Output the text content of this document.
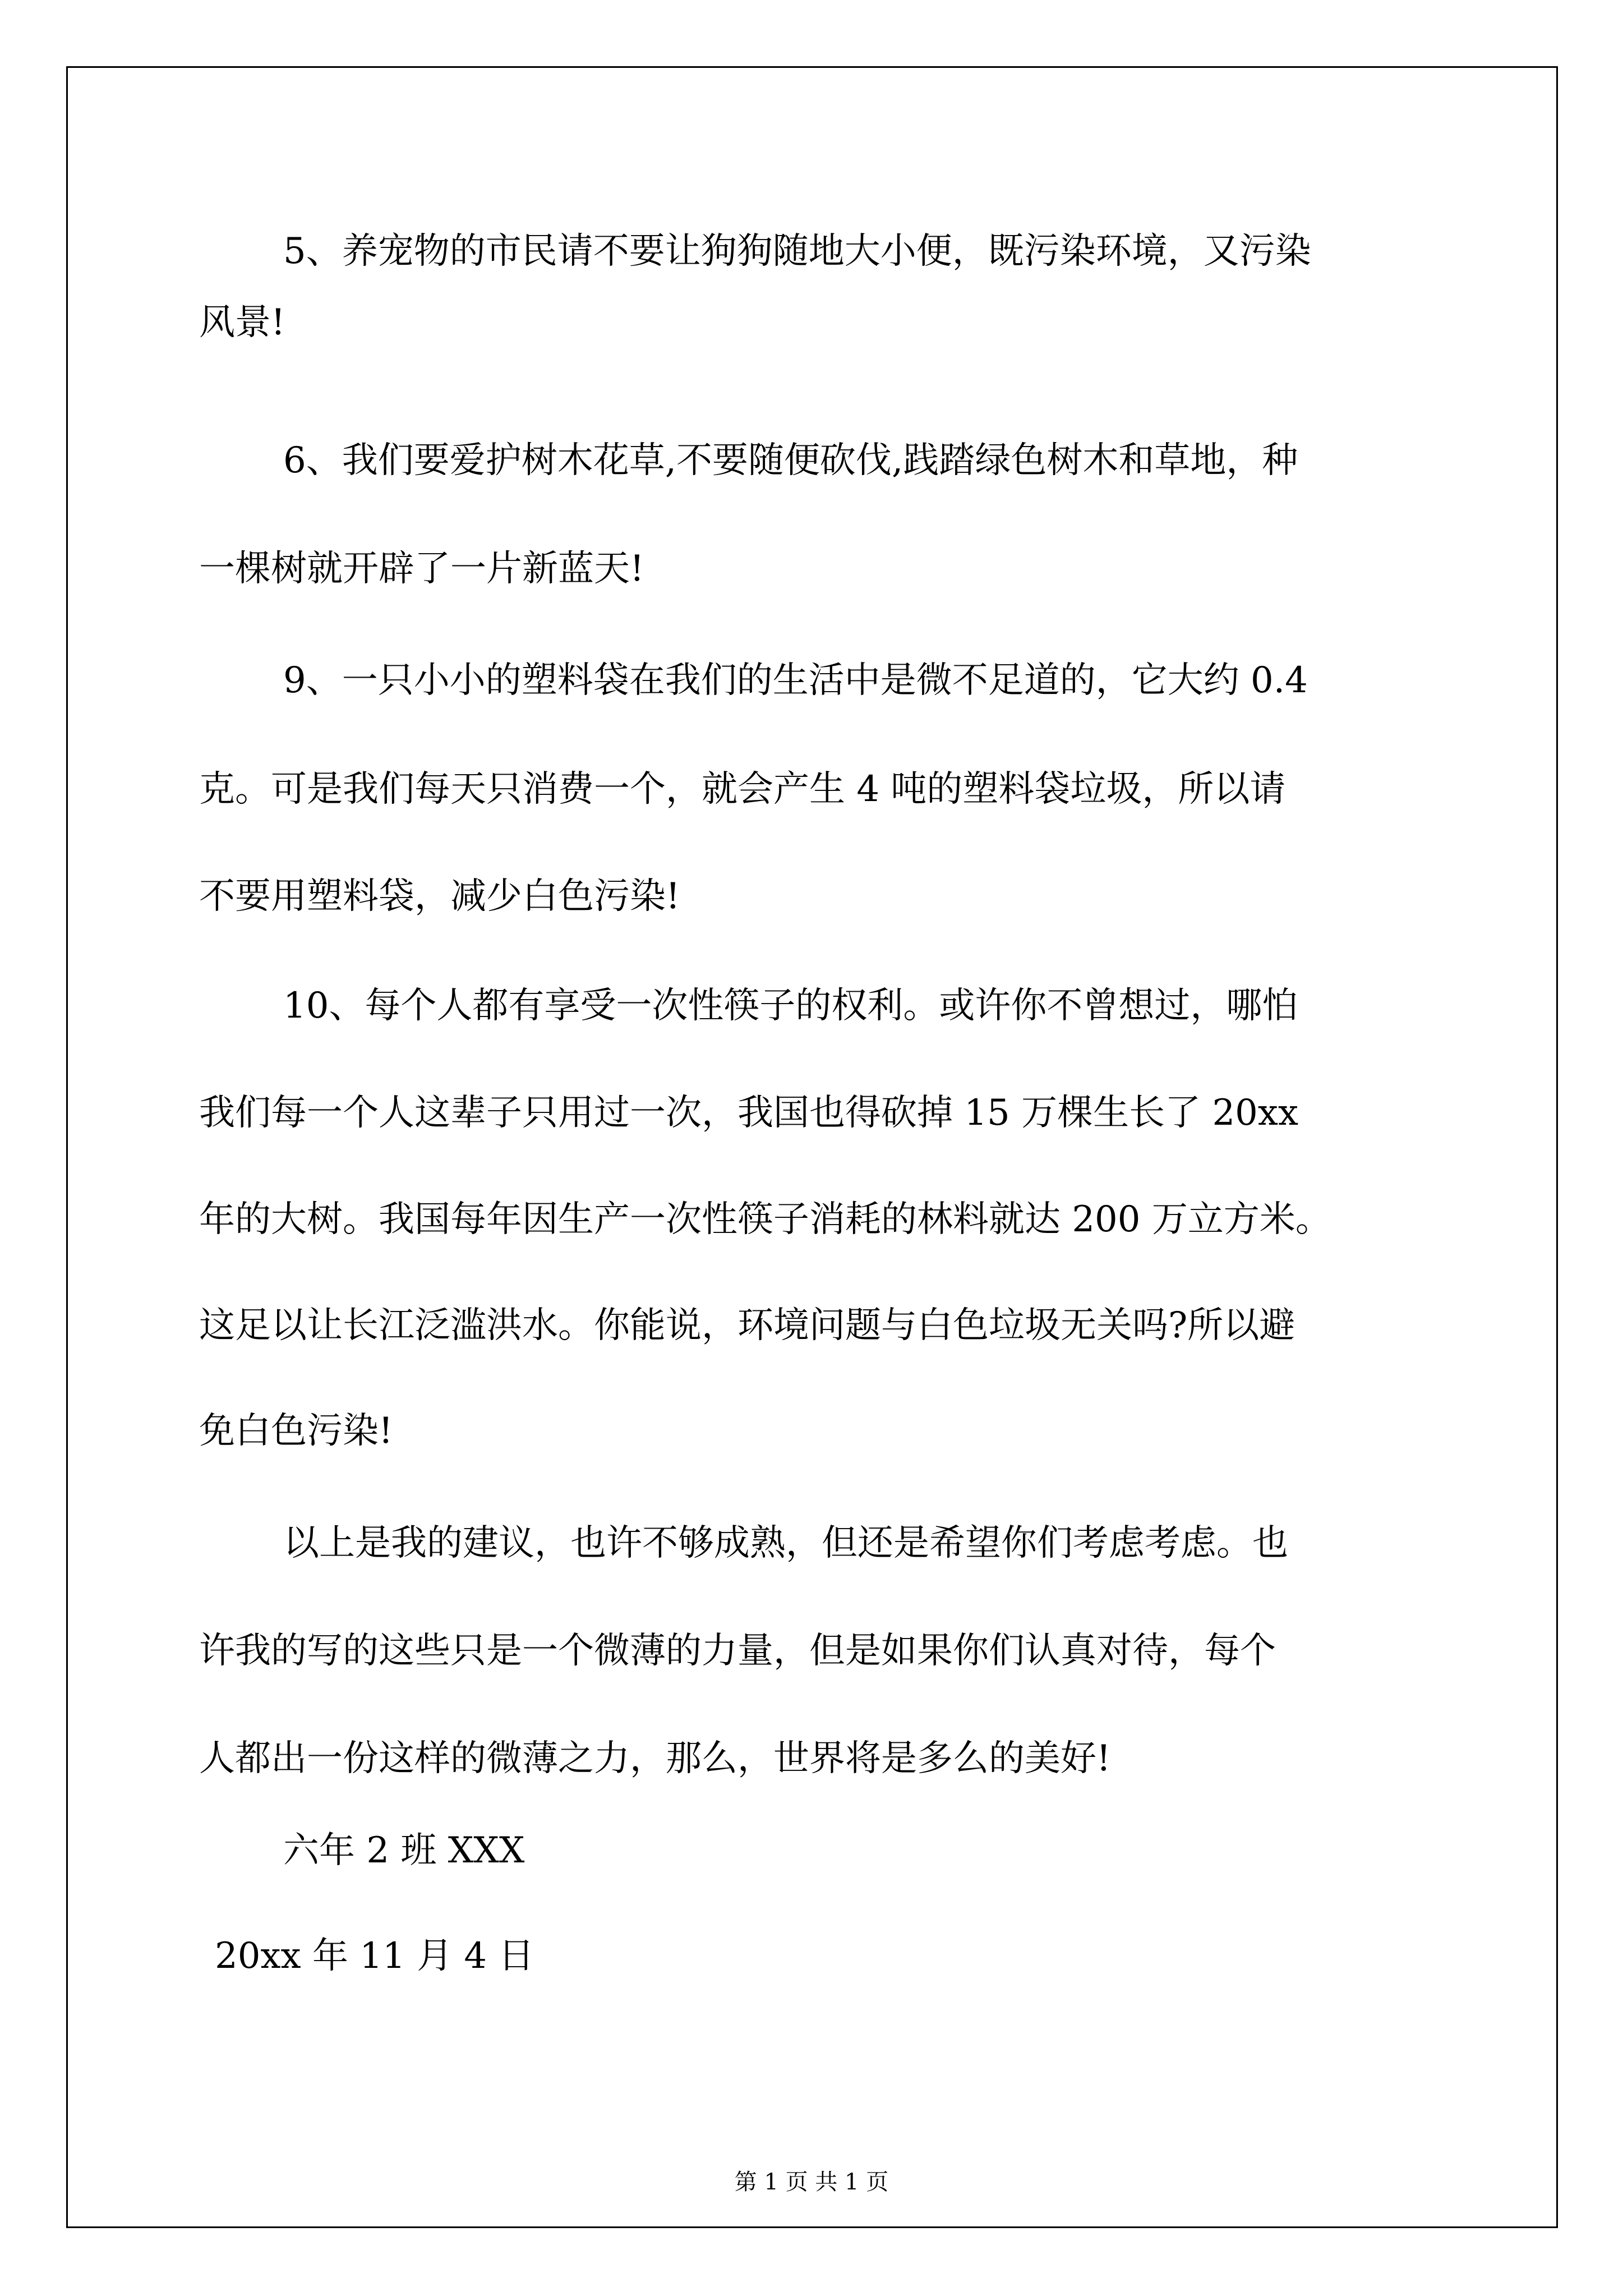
5、养宠物的市民请不要让狗狗随地大小便，既污染环境，又污染
风景!
6、我们要爱护树木花草,不要随便砍伐,践踏绿色树木和草地，种
一棵树就开辟了一片新蓝天!
9、一只小小的塑料袋在我们的生活中是微不足道的，它大约 0.4
克。可是我们每天只消费一个，就会产生 4 吨的塑料袋垃圾，所以请
不要用塑料袋，减少白色污染!
10、每个人都有享受一次性筷子的权利。或许你不曾想过，哪怕
我们每一个人这辈子只用过一次，我国也得砍掉 15 万棵生长了 20xx
年的大树。我国每年因生产一次性筷子消耗的林料就达 200 万立方米。
这足以让长江泛滥洪水。你能说，环境问题与白色垃圾无关吗?所以避
免白色污染!
以上是我的建议，也许不够成熟，但还是希望你们考虑考虑。也
许我的写的这些只是一个微薄的力量，但是如果你们认真对待，每个
人都出一份这样的微薄之力，那么，世界将是多么的美好!
六年 2 班 XXX
20xx 年 11 月 4 日
第 1 页 共 1 页
